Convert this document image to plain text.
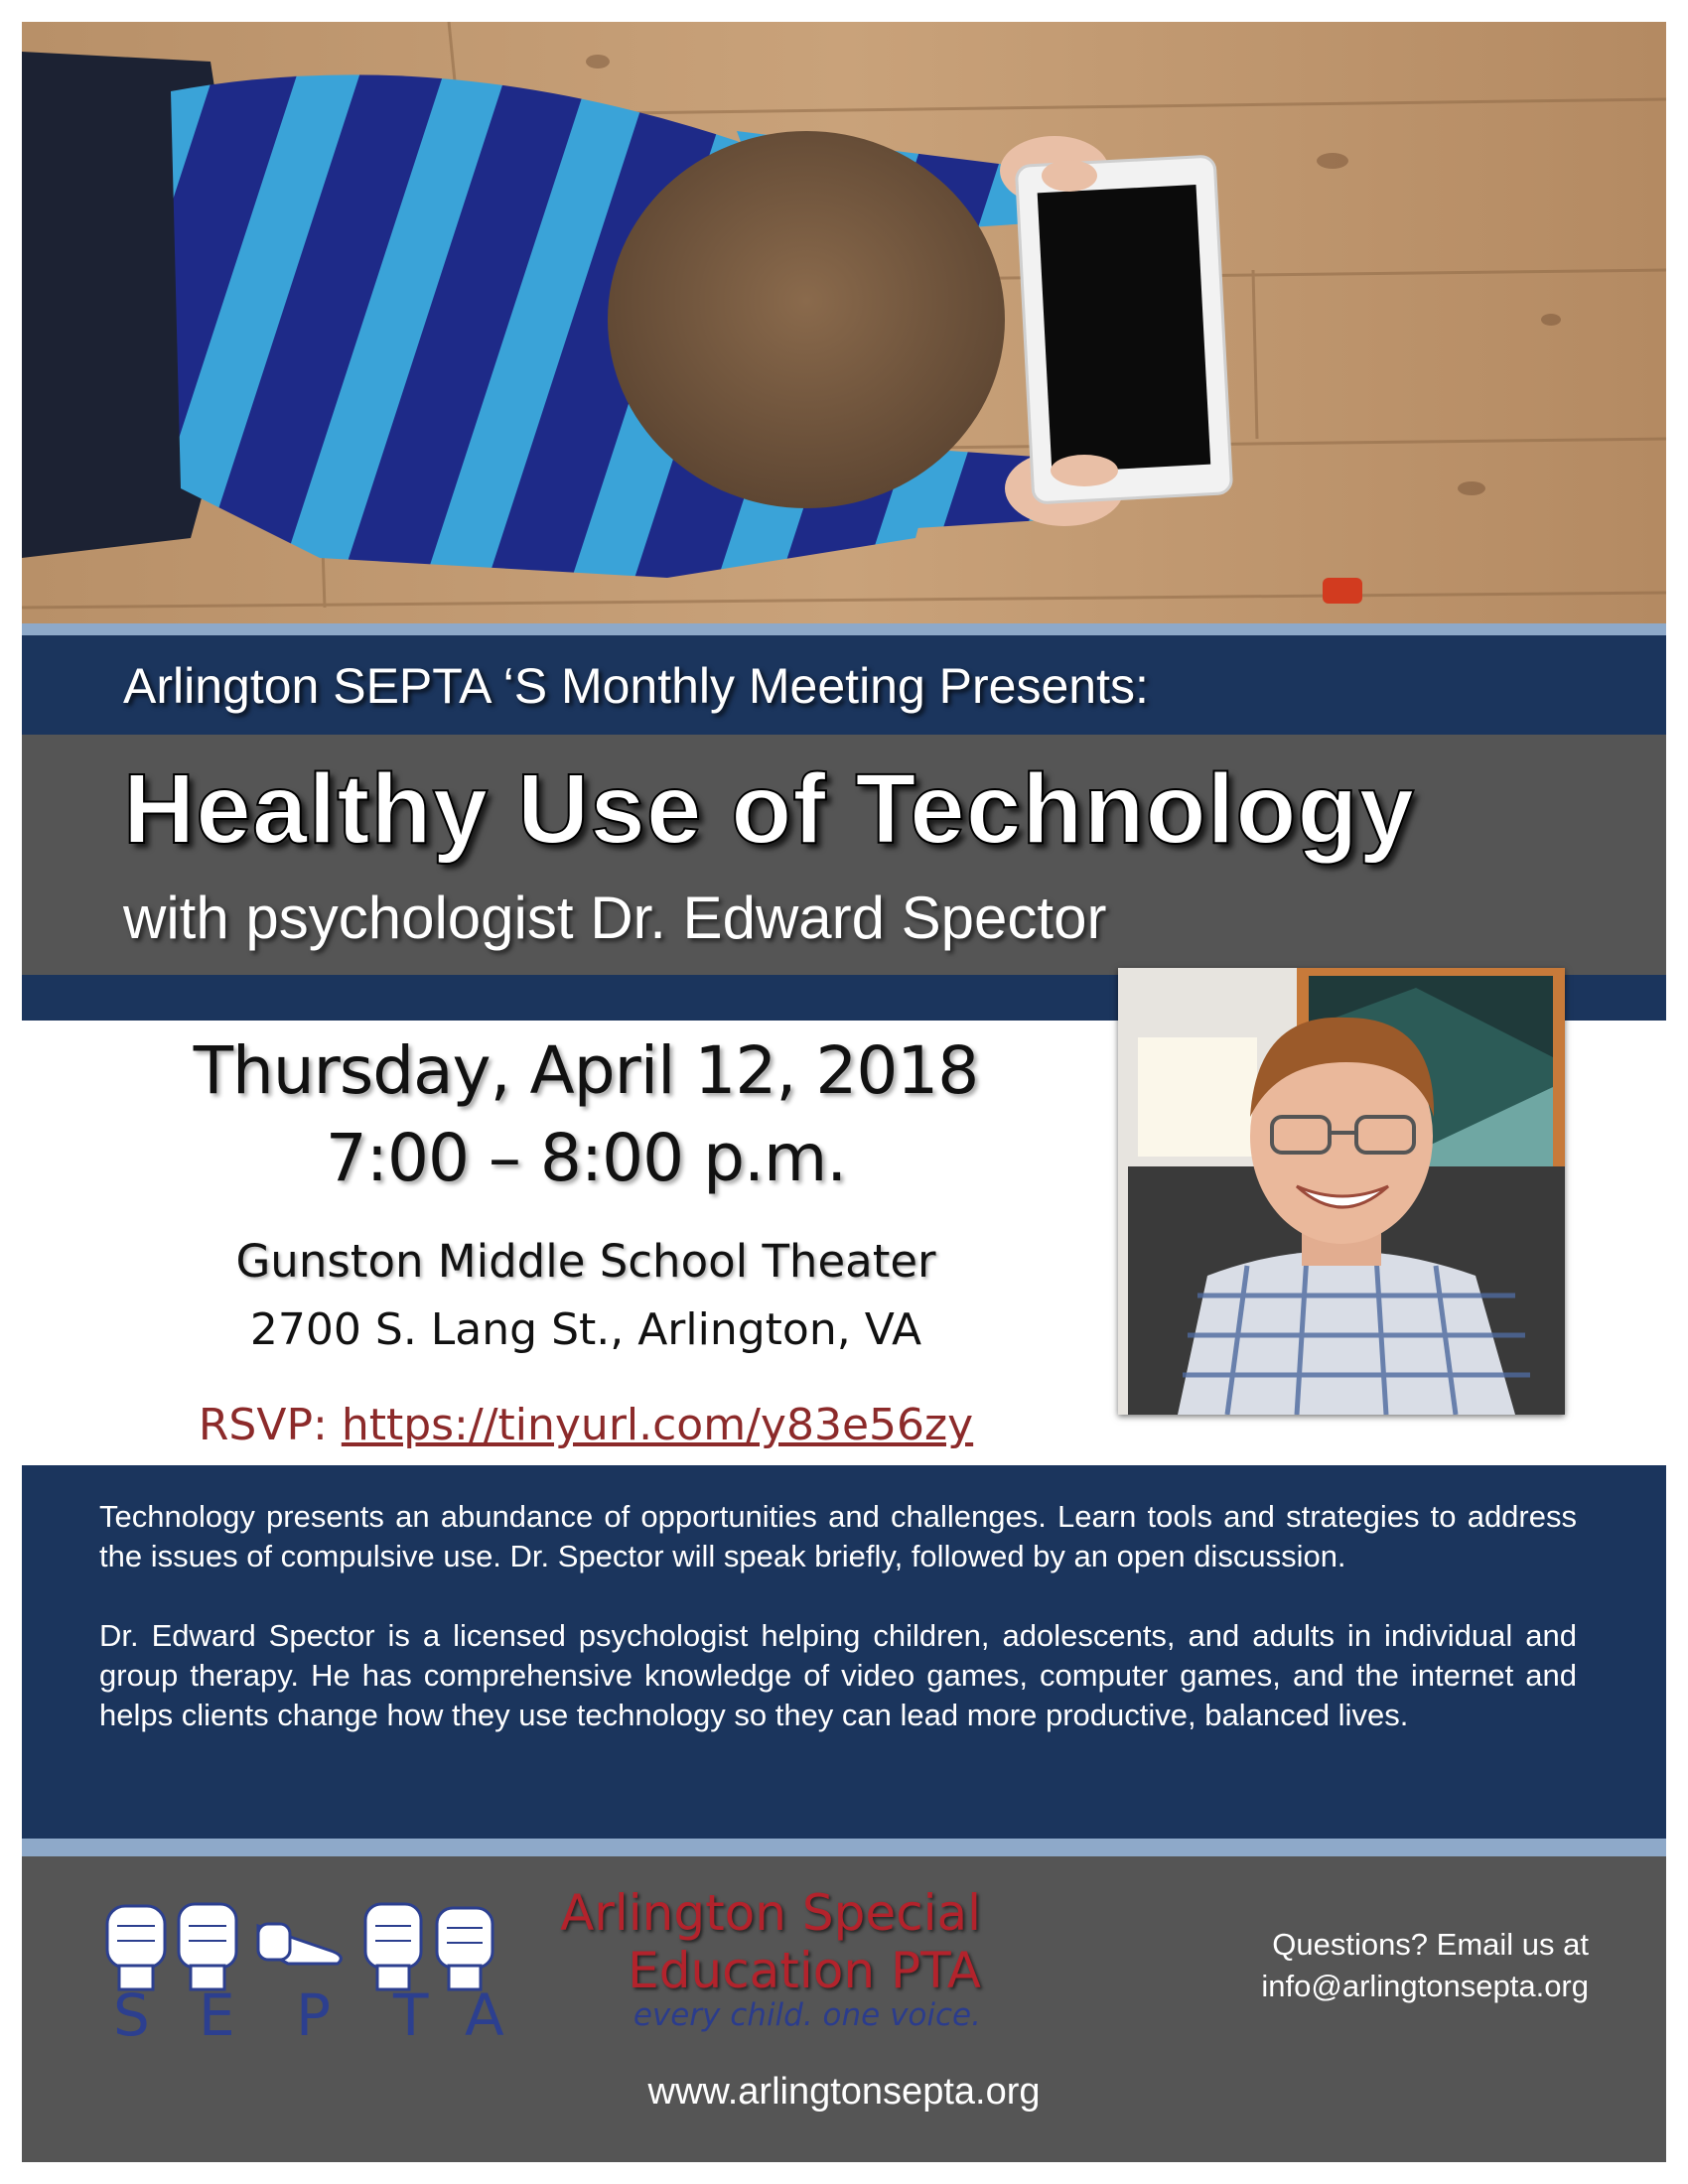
Arlington SEPTA ‘S Monthly Meeting Presents:
Healthy Use of Technology
with psychologist Dr. Edward Spector
Thursday, April 12, 2018
7:00 – 8:00 p.m.
Gunston Middle School Theater
2700 S. Lang St., Arlington, VA
RSVP: https://tinyurl.com/y83e56zy

Technology presents an abundance of opportunities and challenges. Learn tools and strategies to address the issues of compulsive use. Dr. Spector will speak briefly, followed by an open discussion.

Dr. Edward Spector is a licensed psychologist helping children, adolescents, and adults in individual and group therapy. He has comprehensive knowledge of video games, computer games, and the internet and helps clients change how they use technology so they can lead more productive, balanced lives.

S E P T A
Arlington Special
Education PTA
every child. one voice.
Questions? Email us at
info@arlingtonsepta.org
www.arlingtonsepta.org
